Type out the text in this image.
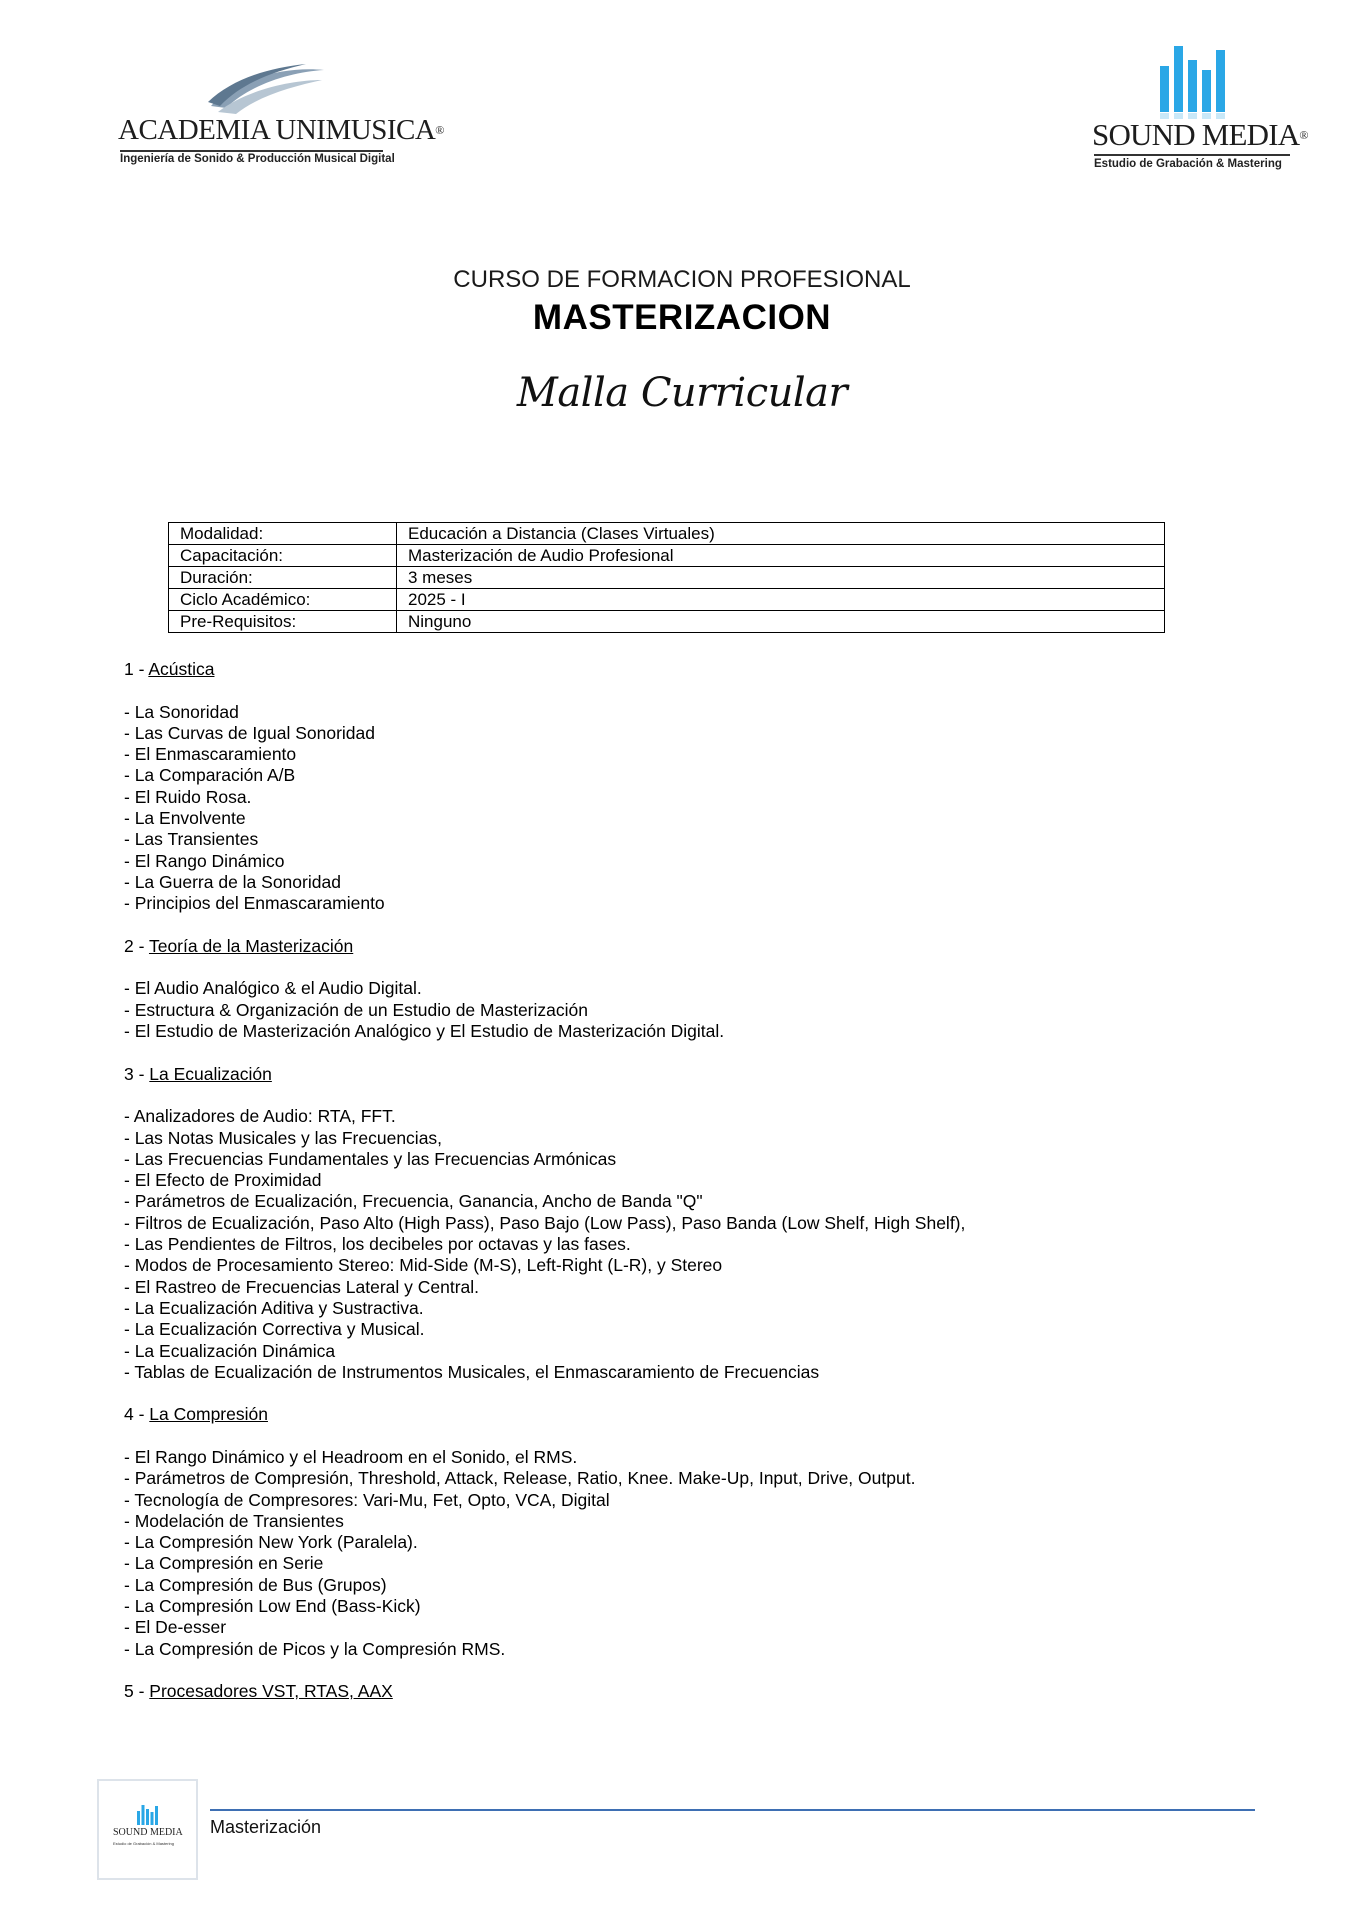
ACADEMIA UNIMUSICA®
Ingeniería de Sonido & Producción Musical Digital
SOUND MEDIA®
Estudio de Grabación & Mastering
CURSO DE FORMACION PROFESIONAL
MASTERIZACION
Malla Curricular
Modalidad:	Educación a Distancia (Clases Virtuales)
Capacitación:	Masterización de Audio Profesional
Duración:	3 meses
Ciclo Académico:	2025 - I
Pre-Requisitos:	Ninguno

1 - Acústica

- La Sonoridad

- Las Curvas de Igual Sonoridad

- El Enmascaramiento

- La Comparación A/B

- El Ruido Rosa.

- La Envolvente

- Las Transientes

- El Rango Dinámico

- La Guerra de la Sonoridad

- Principios del Enmascaramiento

2 - Teoría de la Masterización

- El Audio Analógico & el Audio Digital.

- Estructura & Organización de un Estudio de Masterización

- El Estudio de Masterización Analógico y El Estudio de Masterización Digital.

3 - La Ecualización

- Analizadores de Audio: RTA, FFT.

- Las Notas Musicales y las Frecuencias,

- Las Frecuencias Fundamentales y las Frecuencias Armónicas

- El Efecto de Proximidad

- Parámetros de Ecualización, Frecuencia, Ganancia, Ancho de Banda "Q"

- Filtros de Ecualización, Paso Alto (High Pass), Paso Bajo (Low Pass), Paso Banda (Low Shelf, High Shelf),

- Las Pendientes de Filtros, los decibeles por octavas y las fases.

- Modos de Procesamiento Stereo: Mid-Side (M-S), Left-Right (L-R), y Stereo

- El Rastreo de Frecuencias Lateral y Central.

- La Ecualización Aditiva y Sustractiva.

- La Ecualización Correctiva y Musical.

- La Ecualización Dinámica

- Tablas de Ecualización de Instrumentos Musicales, el Enmascaramiento de Frecuencias

4 - La Compresión

- El Rango Dinámico y el Headroom en el Sonido, el RMS.

- Parámetros de Compresión, Threshold, Attack, Release, Ratio, Knee. Make-Up, Input, Drive, Output.

- Tecnología de Compresores: Vari-Mu, Fet, Opto, VCA, Digital

- Modelación de Transientes

- La Compresión New York (Paralela).

- La Compresión en Serie

- La Compresión de Bus (Grupos)

- La Compresión Low End (Bass-Kick)

- El De-esser

- La Compresión de Picos y la Compresión RMS.

5 - Procesadores VST, RTAS, AAX

SOUND MEDIA
Estudio de Grabación & Mastering
Masterización
